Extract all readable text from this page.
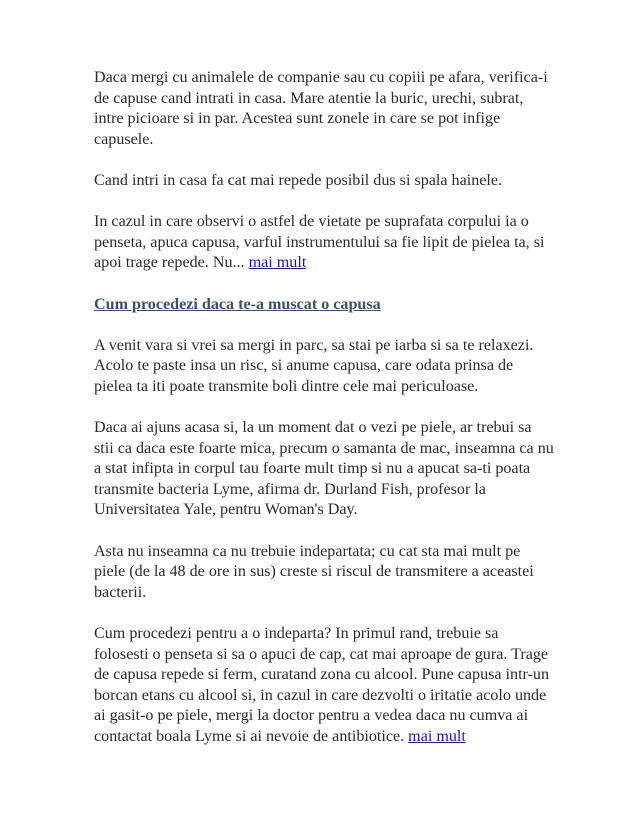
Daca mergi cu animalele de companie sau cu copiii pe afara, verifica-i de capuse cand intrati in casa. Mare atentie la buric, urechi, subrat, intre picioare si in par. Acestea sunt zonele in care se pot infige capusele.

Cand intri in casa fa cat mai repede posibil dus si spala hainele.

In cazul in care observi o astfel de vietate pe suprafata corpului ia o penseta, apuca capusa, varful instrumentului sa fie lipit de pielea ta, si apoi trage repede. Nu... mai mult

Cum procedezi daca te-a muscat o capusa

A venit vara si vrei sa mergi in parc, sa stai pe iarba si sa te relaxezi. Acolo te paste insa un risc, si anume capusa, care odata prinsa de pielea ta iti poate transmite boli dintre cele mai periculoase.

Daca ai ajuns acasa si, la un moment dat o vezi pe piele, ar trebui sa stii ca daca este foarte mica, precum o samanta de mac, inseamna ca nu a stat infipta in corpul tau foarte mult timp si nu a apucat sa-ti poata transmite bacteria Lyme, afirma dr. Durland Fish, profesor la Universitatea Yale, pentru Woman's Day.

Asta nu inseamna ca nu trebuie indepartata; cu cat sta mai mult pe piele (de la 48 de ore in sus) creste si riscul de transmitere a aceastei bacterii.

Cum procedezi pentru a o indeparta? In primul rand, trebuie sa folosesti o penseta si sa o apuci de cap, cat mai aproape de gura. Trage de capusa repede si ferm, curatand zona cu alcool. Pune capusa intr-un borcan etans cu alcool si, in cazul in care dezvolti o iritatie acolo unde ai gasit-o pe piele, mergi la doctor pentru a vedea daca nu cumva ai contactat boala Lyme si ai nevoie de antibiotice. mai mult
